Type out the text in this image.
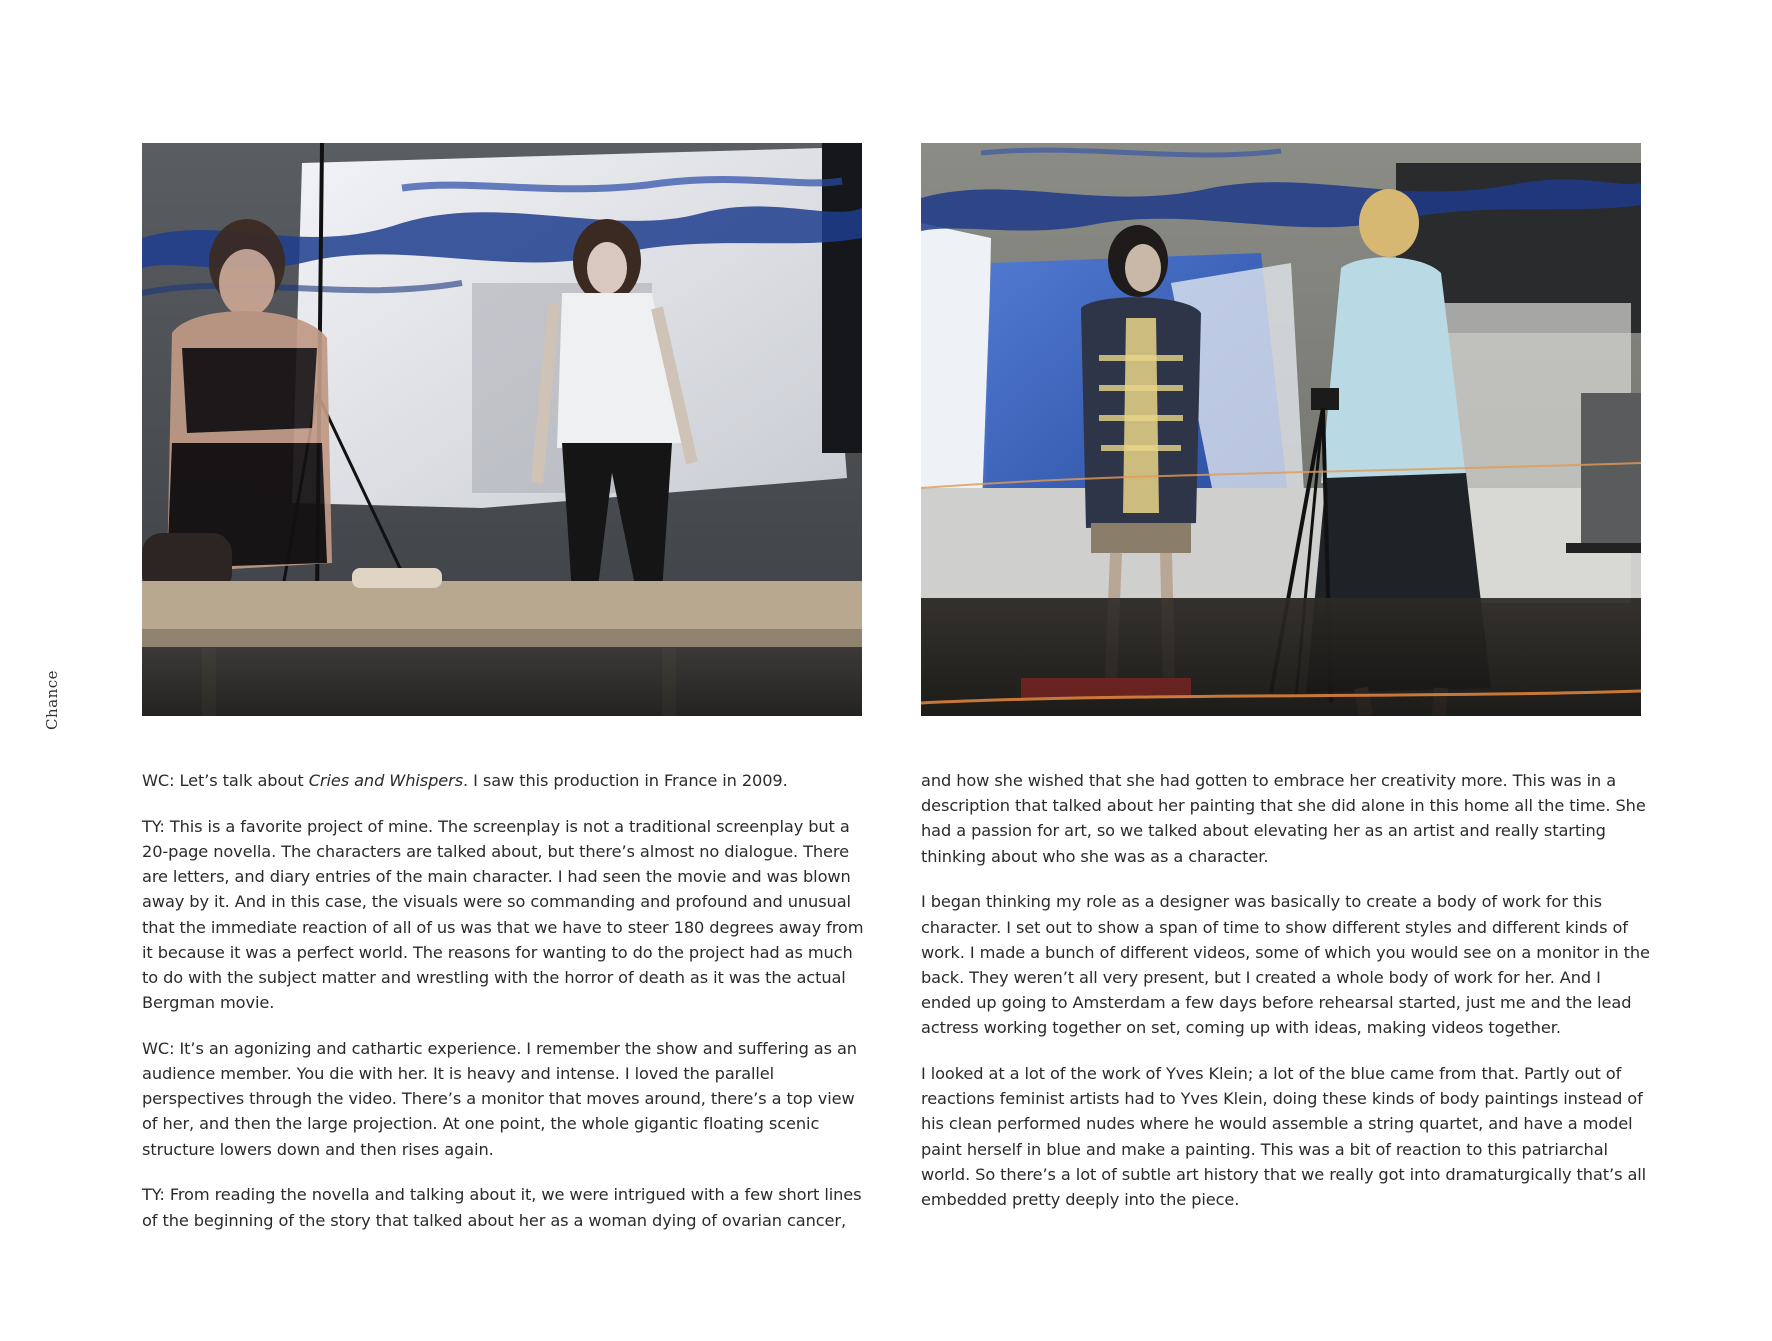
Chance

WC: Let’s talk about Cries and Whispers. I saw this production in France in 2009.

TY: This is a favorite project of mine. The screenplay is not a traditional screenplay but a 20-page novella. The characters are talked about, but there’s almost no dialogue. There are letters, and diary entries of the main character. I had seen the movie and was blown away by it. And in this case, the visuals were so commanding and profound and unusual that the immediate reaction of all of us was that we have to steer 180 degrees away from it because it was a perfect world. The reasons for wanting to do the project had as much to do with the subject matter and wrestling with the horror of death as it was the actual Bergman movie.

WC: It’s an agonizing and cathartic experience. I remember the show and suffering as an audience member. You die with her. It is heavy and intense. I loved the parallel perspectives through the video. There’s a monitor that moves around, there’s a top view of her, and then the large projection. At one point, the whole gigantic floating scenic structure lowers down and then rises again.

TY: From reading the novella and talking about it, we were intrigued with a few short lines of the beginning of the story that talked about her as a woman dying of ovarian cancer,

and how she wished that she had gotten to embrace her creativity more. This was in a description that talked about her painting that she did alone in this home all the time. She had a passion for art, so we talked about elevating her as an artist and really starting thinking about who she was as a character.

I began thinking my role as a designer was basically to create a body of work for this character. I set out to show a span of time to show different styles and different kinds of work. I made a bunch of different videos, some of which you would see on a monitor in the back. They weren’t all very present, but I created a whole body of work for her. And I ended up going to Amsterdam a few days before rehearsal started, just me and the lead actress working together on set, coming up with ideas, making videos together.

I looked at a lot of the work of Yves Klein; a lot of the blue came from that. Partly out of reactions feminist artists had to Yves Klein, doing these kinds of body paintings instead of his clean performed nudes where he would assemble a string quartet, and have a model paint herself in blue and make a painting. This was a bit of reaction to this patriarchal world. So there’s a lot of subtle art history that we really got into dramaturgically that’s all embedded pretty deeply into the piece.
